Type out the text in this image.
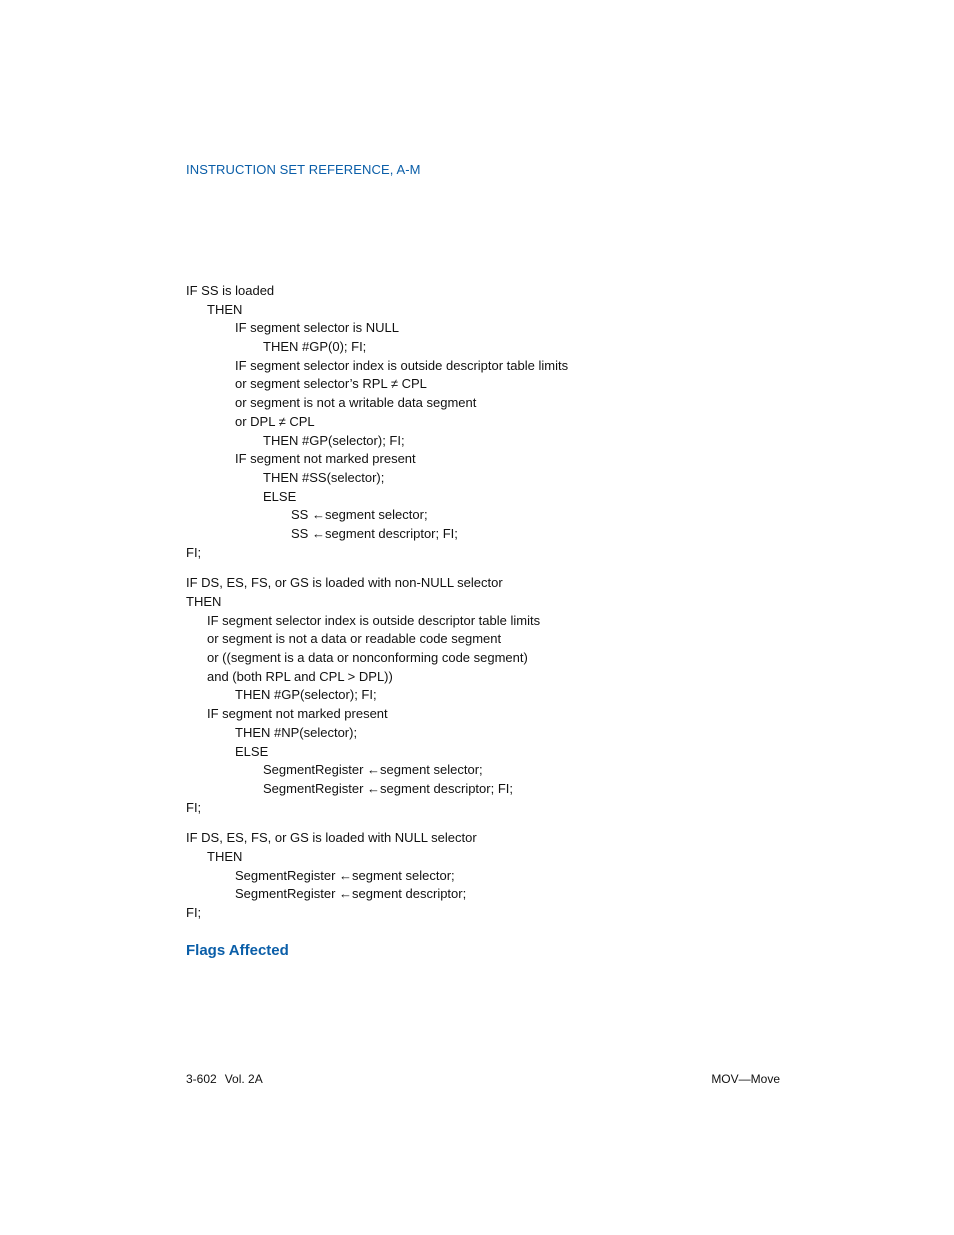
INSTRUCTION SET REFERENCE, A-M
IF SS is loaded
THEN
IF segment selector is NULL
THEN #GP(0); FI;
IF segment selector index is outside descriptor table limits
or segment selector’s RPL ≠ CPL
or segment is not a writable data segment
or DPL ≠ CPL
THEN #GP(selector); FI;
IF segment not marked present
THEN #SS(selector);
ELSE
SS ←segment selector;
SS ←segment descriptor; FI;
FI;
IF DS, ES, FS, or GS is loaded with non-NULL selector
THEN
IF segment selector index is outside descriptor table limits
or segment is not a data or readable code segment
or ((segment is a data or nonconforming code segment)
and (both RPL and CPL > DPL))
THEN #GP(selector); FI;
IF segment not marked present
THEN #NP(selector);
ELSE
SegmentRegister ←segment selector;
SegmentRegister ←segment descriptor; FI;
FI;
IF DS, ES, FS, or GS is loaded with NULL selector
THEN
SegmentRegister ←segment selector;
SegmentRegister ←segment descriptor;
FI;
Flags Affected
3-602 Vol. 2A	MOV—Move
